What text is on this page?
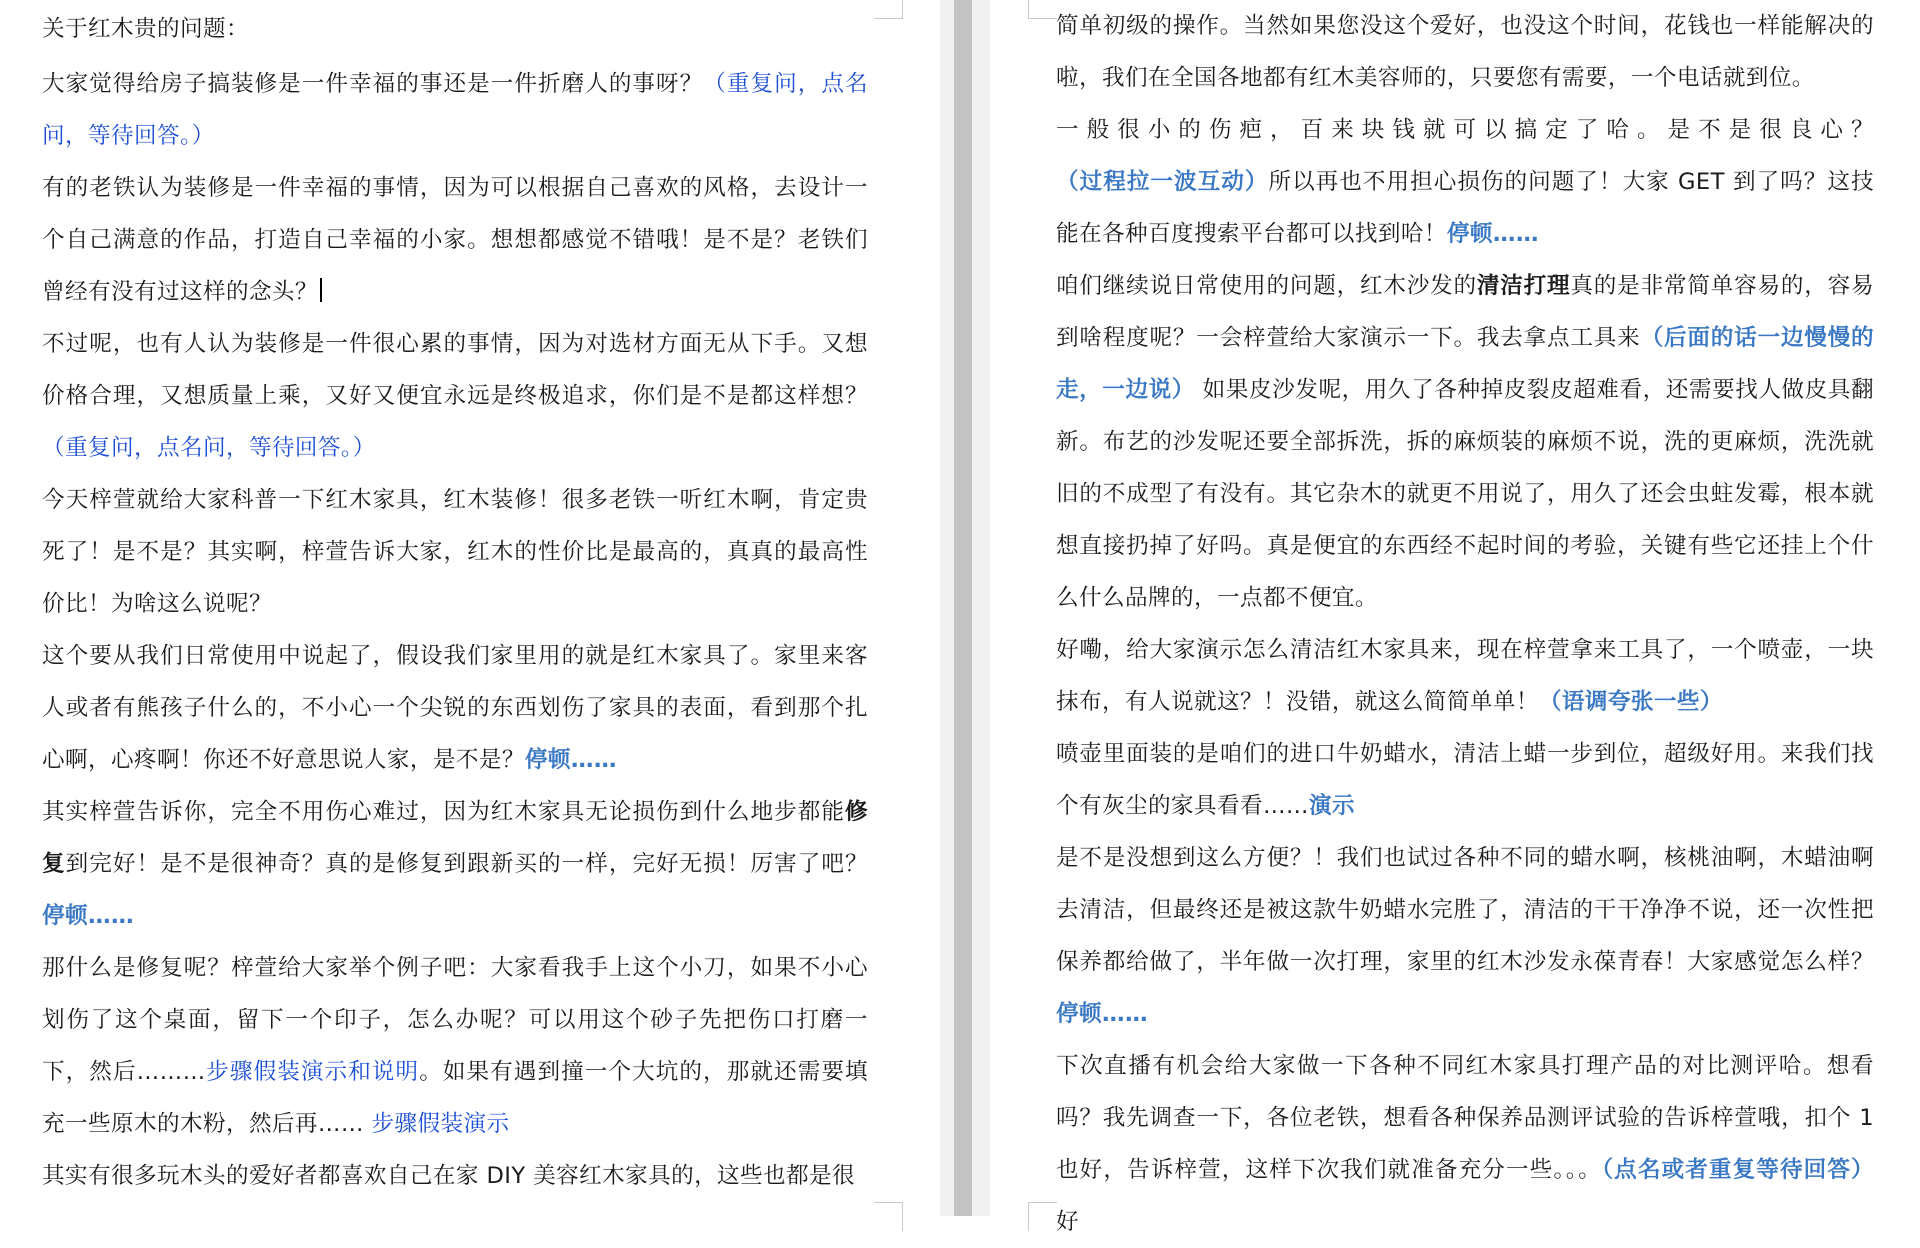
关于红木贵的问题：

大家觉得给房子搞装修是一件幸福的事还是一件折磨人的事呀？（重复问，点名问，等待回答。）

有的老铁认为装修是一件幸福的事情，因为可以根据自己喜欢的风格，去设计一个自己满意的作品，打造自己幸福的小家。想想都感觉不错哦！是不是？老铁们曾经有没有过这样的念头？

不过呢，也有人认为装修是一件很心累的事情，因为对选材方面无从下手。又想价格合理，又想质量上乘，又好又便宜永远是终极追求，你们是不是都这样想？（重复问，点名问，等待回答。）

今天梓萱就给大家科普一下红木家具，红木装修！很多老铁一听红木啊，肯定贵死了！是不是？其实啊，梓萱告诉大家，红木的性价比是最高的，真真的最高性价比！为啥这么说呢？

这个要从我们日常使用中说起了，假设我们家里用的就是红木家具了。家里来客人或者有熊孩子什么的，不小心一个尖锐的东西划伤了家具的表面，看到那个扎心啊，心疼啊！你还不好意思说人家，是不是？停顿……

其实梓萱告诉你，完全不用伤心难过，因为红木家具无论损伤到什么地步都能修复到完好！是不是很神奇？真的是修复到跟新买的一样，完好无损！厉害了吧？停顿……

那什么是修复呢？梓萱给大家举个例子吧：大家看我手上这个小刀，如果不小心划伤了这个桌面，留下一个印子，怎么办呢？可以用这个砂子先把伤口打磨一下，然后………步骤假装演示和说明。如果有遇到撞一个大坑的，那就还需要填充一些原木的木粉，然后再…… 步骤假装演示

其实有很多玩木头的爱好者都喜欢自己在家 DIY 美容红木家具的，这些也都是很

简单初级的操作。当然如果您没这个爱好，也没这个时间，花钱也一样能解决的啦，我们在全国各地都有红木美容师的，只要您有需要，一个电话就到位。

一般很小的伤疤，百来块钱就可以搞定了哈。是不是很良心？（过程拉一波互动）所以再也不用担心损伤的问题了！大家 GET 到了吗？这技能在各种百度搜索平台都可以找到哈！停顿……

咱们继续说日常使用的问题，红木沙发的清洁打理真的是非常简单容易的，容易到啥程度呢？一会梓萱给大家演示一下。我去拿点工具来（后面的话一边慢慢的走，一边说） 如果皮沙发呢，用久了各种掉皮裂皮超难看，还需要找人做皮具翻新。布艺的沙发呢还要全部拆洗，拆的麻烦装的麻烦不说，洗的更麻烦，洗洗就旧的不成型了有没有。其它杂木的就更不用说了，用久了还会虫蛀发霉，根本就想直接扔掉了好吗。真是便宜的东西经不起时间的考验，关键有些它还挂上个什么什么品牌的，一点都不便宜。

好嘞，给大家演示怎么清洁红木家具来，现在梓萱拿来工具了，一个喷壶，一块抹布，有人说就这？！没错，就这么简简单单！（语调夸张一些）

喷壶里面装的是咱们的进口牛奶蜡水，清洁上蜡一步到位，超级好用。来我们找个有灰尘的家具看看……演示

是不是没想到这么方便？！我们也试过各种不同的蜡水啊，核桃油啊，木蜡油啊去清洁，但最终还是被这款牛奶蜡水完胜了，清洁的干干净净不说，还一次性把保养都给做了，半年做一次打理，家里的红木沙发永葆青春！大家感觉怎么样？停顿……

下次直播有机会给大家做一下各种不同红木家具打理产品的对比测评哈。想看吗？我先调查一下，各位老铁，想看各种保养品测评试验的告诉梓萱哦，扣个 1 也好，告诉梓萱，这样下次我们就准备充分一些。。。（点名或者重复等待回答） 好
